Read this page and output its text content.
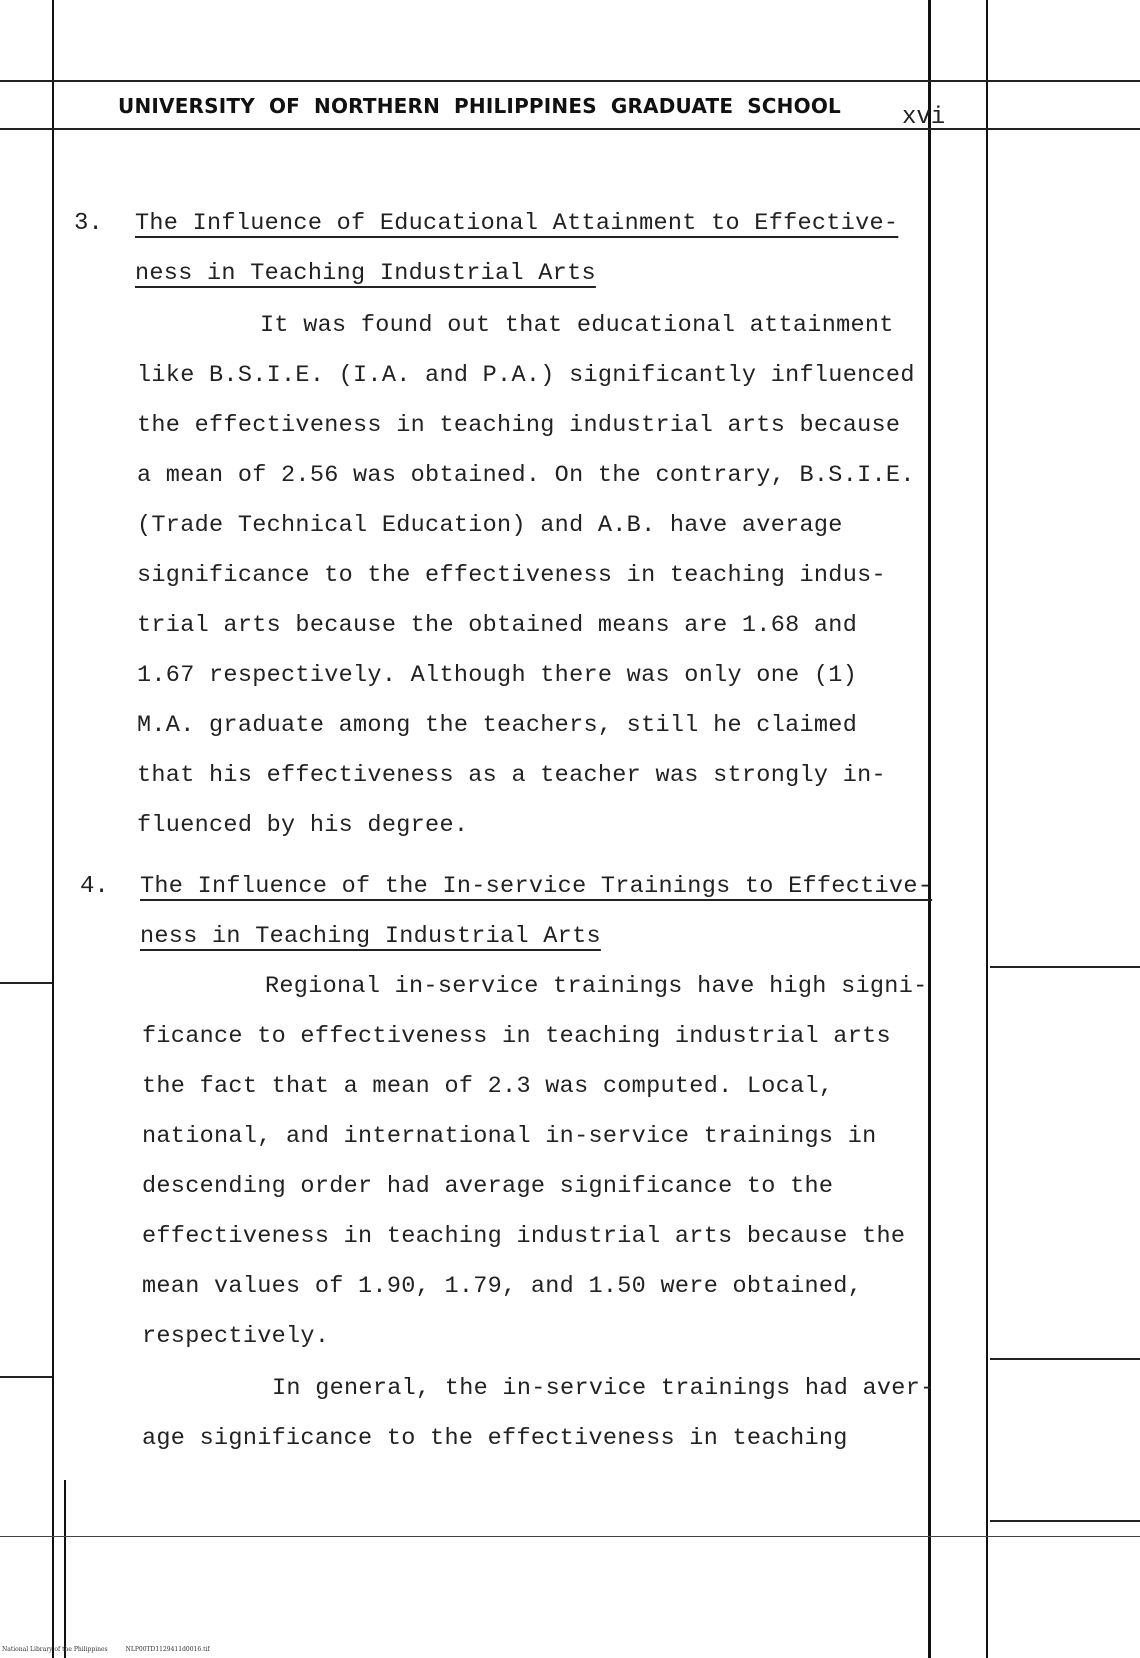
UNIVERSITY OF NORTHERN PHILIPPINES GRADUATE SCHOOL	xvi
3. The Influence of Educational Attainment to Effective-
ness in Teaching Industrial Arts
It was found out that educational attainment
like B.S.I.E. (I.A. and P.A.) significantly influenced
the effectiveness in teaching industrial arts because
a mean of 2.56 was obtained. On the contrary, B.S.I.E.
(Trade Technical Education) and A.B. have average
significance to the effectiveness in teaching indus-
trial arts because the obtained means are 1.68 and
1.67 respectively. Although there was only one (1)
M.A. graduate among the teachers, still he claimed
that his effectiveness as a teacher was strongly in-
fluenced by his degree.
4. The Influence of the In-service Trainings to Effective-
ness in Teaching Industrial Arts
Regional in-service trainings have high signi-
ficance to effectiveness in teaching industrial arts
the fact that a mean of 2.3 was computed. Local,
national, and international in-service trainings in
descending order had average significance to the
effectiveness in teaching industrial arts because the
mean values of 1.90, 1.79, and 1.50 were obtained,
respectively.
In general, the in-service trainings had aver-
age significance to the effectiveness in teaching
National Library of the Philippines	NLP00TD1129411d0016.tif
